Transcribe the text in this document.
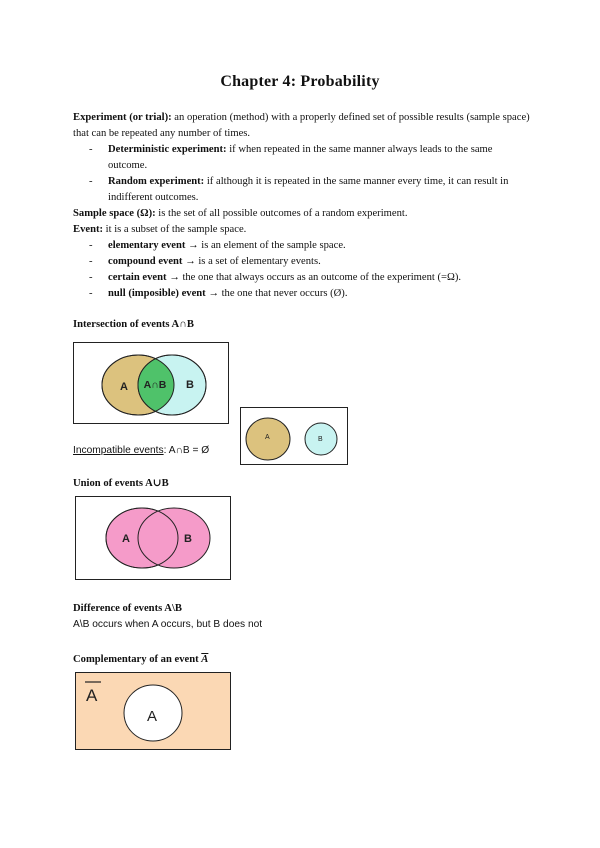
Chapter 4: Probability

Experiment (or trial): an operation (method) with a properly defined set of possible results (sample space) that can be repeated any number of times.

- Deterministic experiment: if when repeated in the same manner always leads to the same outcome.
- Random experiment: if although it is repeated in the same manner every time, it can result in indifferent outcomes.

Sample space (Ω): is the set of all possible outcomes of a random experiment.

Event: it is a subset of the sample space.

- elementary event → is an element of the sample space.
- compound event → is a set of elementary events.
- certain event → the one that always occurs as an outcome of the experiment (=Ω).
- null (imposible) event → the one that never occurs (Ø).
Intersection of events A∩B
A A∩B B
A	B
Incompatible events: A∩B = Ø
Union of events A∪B
A	B
Difference of events A\B
A\B occurs when A occurs, but B does not
Complementary of an event $\overline{A}$
A
A
